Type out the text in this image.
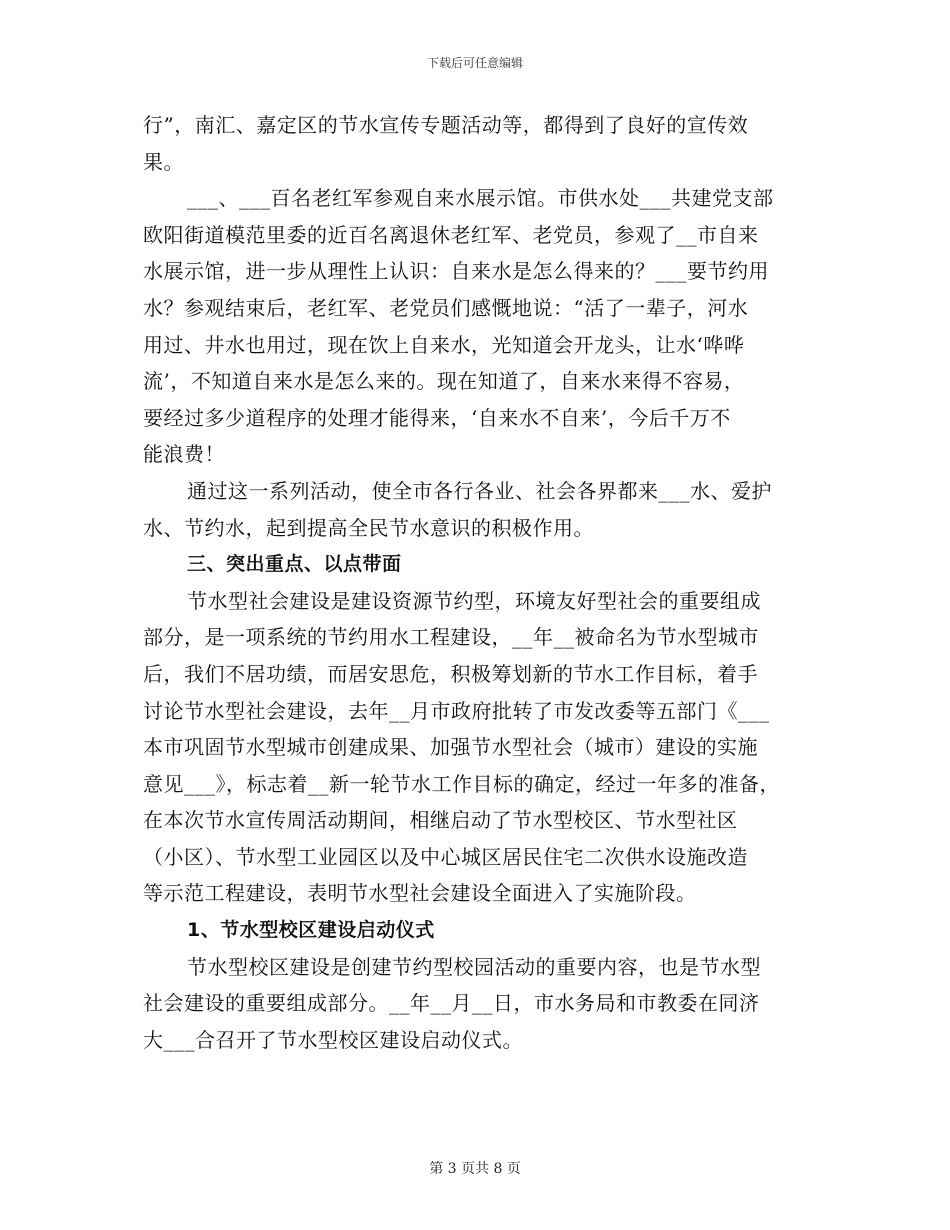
下载后可任意编辑
行”，南汇、嘉定区的节水宣传专题活动等，都得到了良好的宣传效
果。
___、___百名老红军参观自来水展示馆。市供水处___共建党支部
欧阳街道模范里委的近百名离退休老红军、老党员，参观了__市自来
水展示馆，进一步从理性上认识：自来水是怎么得来的？___要节约用
水？参观结束后，老红军、老党员们感慨地说：“活了一辈子，河水
用过、井水也用过，现在饮上自来水，光知道会开龙头，让水‘哗哗
流’，不知道自来水是怎么来的。现在知道了，自来水来得不容易，
要经过多少道程序的处理才能得来，‘自来水不自来’，今后千万不
能浪费！
通过这一系列活动，使全市各行各业、社会各界都来___水、爱护
水、节约水，起到提高全民节水意识的积极作用。
三、突出重点、以点带面
节水型社会建设是建设资源节约型，环境友好型社会的重要组成
部分，是一项系统的节约用水工程建设，__年__被命名为节水型城市
后，我们不居功绩，而居安思危，积极筹划新的节水工作目标，着手
讨论节水型社会建设，去年__月市政府批转了市发改委等五部门《___
本市巩固节水型城市创建成果、加强节水型社会（城市）建设的实施
意见___》，标志着__新一轮节水工作目标的确定，经过一年多的准备，
在本次节水宣传周活动期间，相继启动了节水型校区、节水型社区
（小区）、节水型工业园区以及中心城区居民住宅二次供水设施改造
等示范工程建设，表明节水型社会建设全面进入了实施阶段。
1、节水型校区建设启动仪式
节水型校区建设是创建节约型校园活动的重要内容，也是节水型
社会建设的重要组成部分。__年__月__日，市水务局和市教委在同济
大___合召开了节水型校区建设启动仪式。
第 3 页共 8 页
